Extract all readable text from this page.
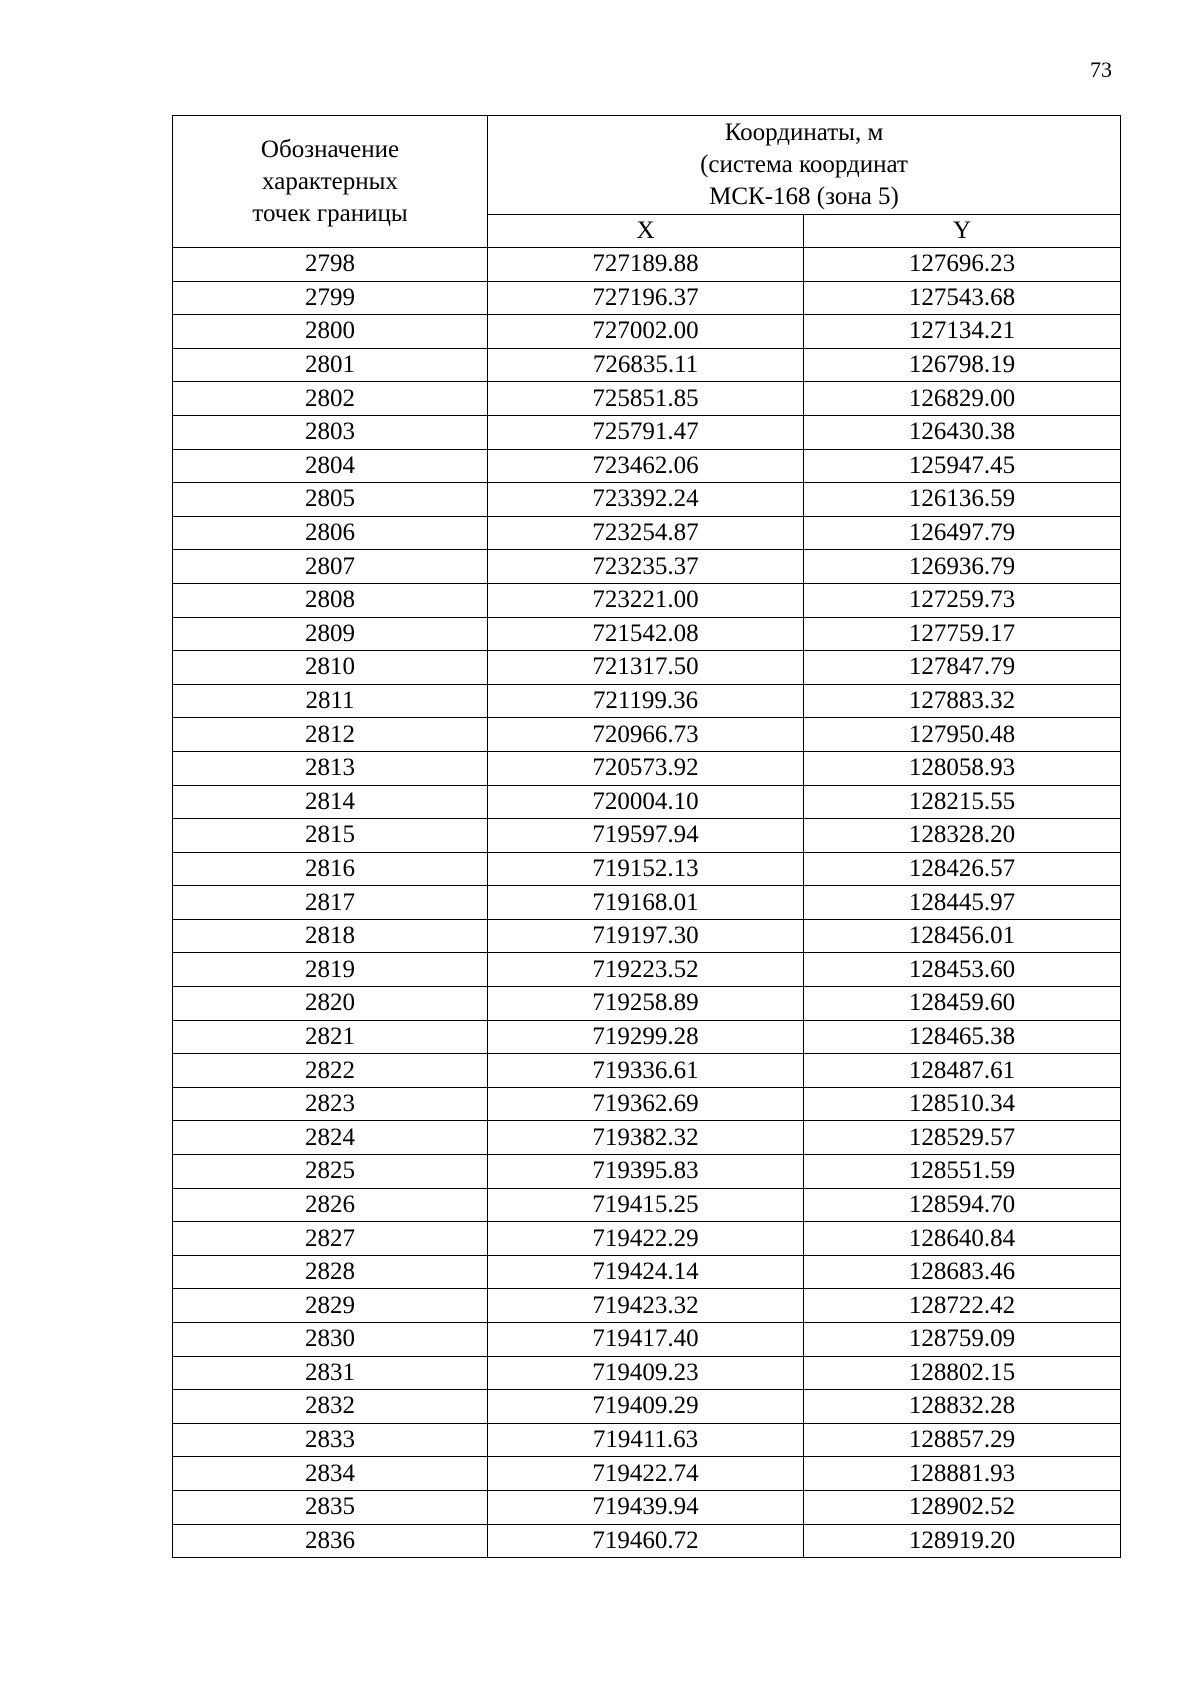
73
Обозначение
характерных
точек границы	Координаты, м
(система координат
МСК-168 (зона 5)	

	X	Y
2798	727189.88	127696.23
2799	727196.37	127543.68
2800	727002.00	127134.21
2801	726835.11	126798.19
2802	725851.85	126829.00
2803	725791.47	126430.38
2804	723462.06	125947.45
2805	723392.24	126136.59
2806	723254.87	126497.79
2807	723235.37	126936.79
2808	723221.00	127259.73
2809	721542.08	127759.17
2810	721317.50	127847.79
2811	721199.36	127883.32
2812	720966.73	127950.48
2813	720573.92	128058.93
2814	720004.10	128215.55
2815	719597.94	128328.20
2816	719152.13	128426.57
2817	719168.01	128445.97
2818	719197.30	128456.01
2819	719223.52	128453.60
2820	719258.89	128459.60
2821	719299.28	128465.38
2822	719336.61	128487.61
2823	719362.69	128510.34
2824	719382.32	128529.57
2825	719395.83	128551.59
2826	719415.25	128594.70
2827	719422.29	128640.84
2828	719424.14	128683.46
2829	719423.32	128722.42
2830	719417.40	128759.09
2831	719409.23	128802.15
2832	719409.29	128832.28
2833	719411.63	128857.29
2834	719422.74	128881.93
2835	719439.94	128902.52
2836	719460.72	128919.20
